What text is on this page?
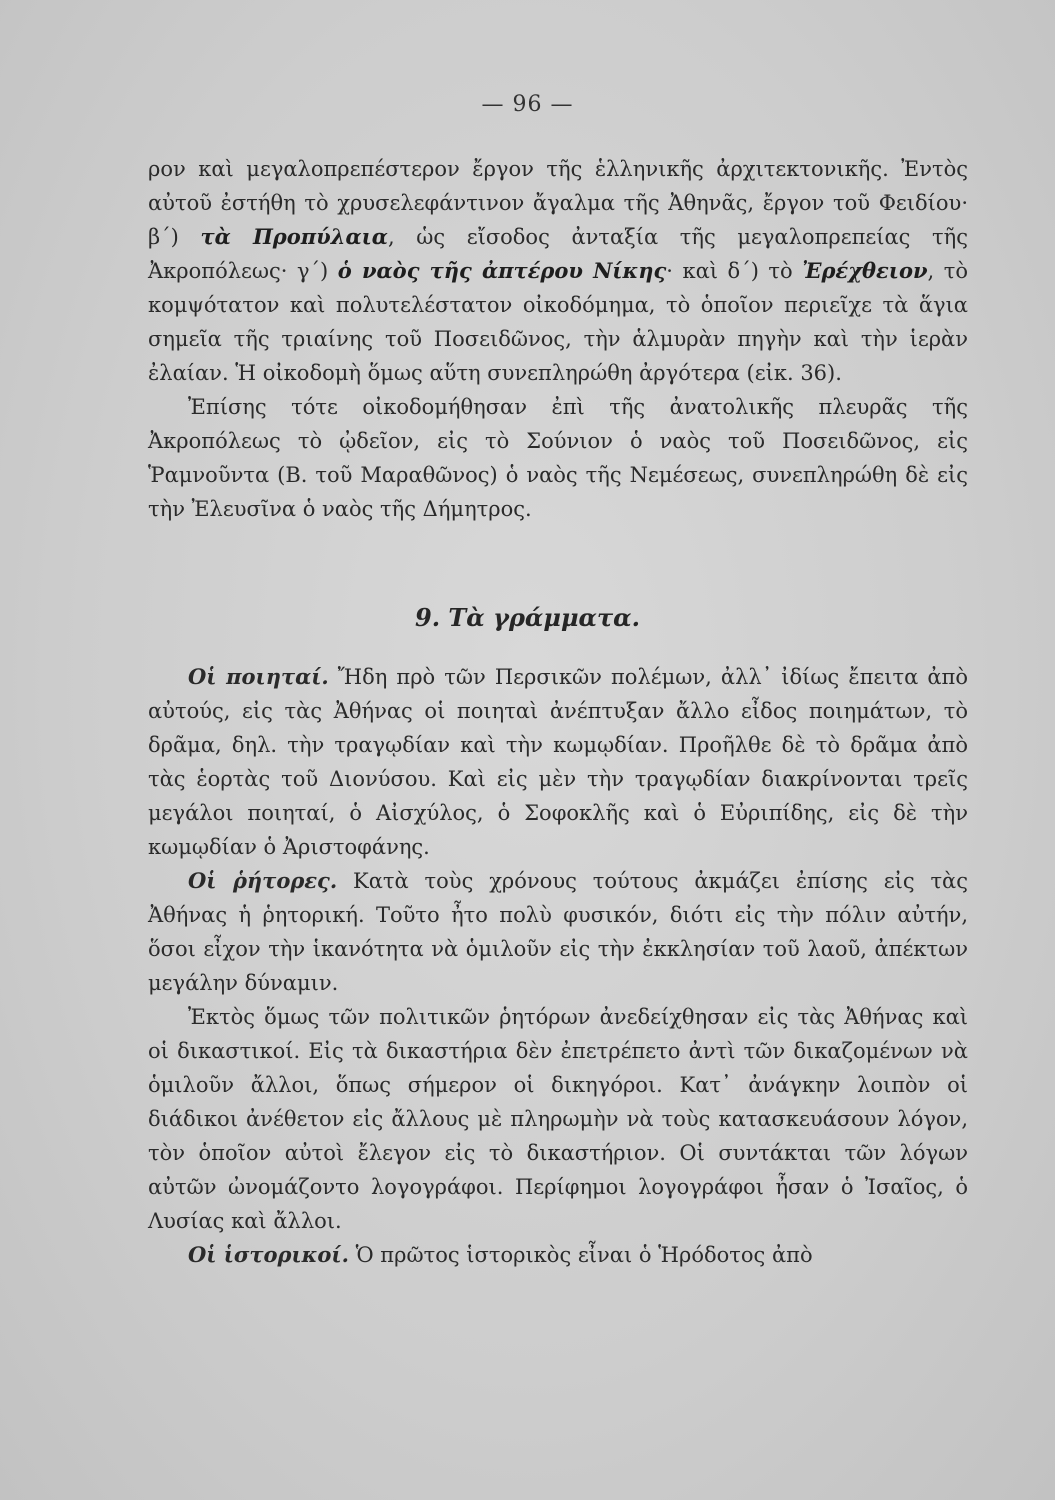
— 96 —

ρον καὶ μεγαλοπρεπέστερον ἔργον τῆς ἑλληνικῆς ἀρχιτεκτονικῆς. Ἐντὸς αὐτοῦ ἐστήθη τὸ χρυσελεφάντινον ἄγαλμα τῆς Ἀθηνᾶς, ἔργον τοῦ Φειδίου· β΄) τὰ Προπύλαια, ὡς εἴσοδος ἀνταξία τῆς μεγαλοπρεπείας τῆς Ἀκροπόλεως· γ΄) ὁ ναὸς τῆς ἀπτέρου Νίκης· καὶ δ΄) τὸ Ἐρέχθειον, τὸ κομψότατον καὶ πολυτελέστατον οἰκοδόμημα, τὸ ὁποῖον περιεῖχε τὰ ἅγια σημεῖα τῆς τριαίνης τοῦ Ποσειδῶνος, τὴν ἁλμυρὰν πηγὴν καὶ τὴν ἱερὰν ἐλαίαν. Ἡ οἰκοδομὴ ὅμως αὕτη συνεπληρώθη ἀργότερα (εἰκ. 36).

Ἐπίσης τότε οἰκοδομήθησαν ἐπὶ τῆς ἀνατολικῆς πλευρᾶς τῆς Ἀκροπόλεως τὸ ᾠδεῖον, εἰς τὸ Σούνιον ὁ ναὸς τοῦ Ποσειδῶνος, εἰς Ῥαμνοῦντα (Β. τοῦ Μαραθῶνος) ὁ ναὸς τῆς Νεμέσεως, συνεπληρώθη δὲ εἰς τὴν Ἐλευσῖνα ὁ ναὸς τῆς Δήμητρος.

9. Τὰ γράμματα.

Οἱ ποιηταί. Ἤδη πρὸ τῶν Περσικῶν πολέμων, ἀλλ᾽ ἰδίως ἔπειτα ἀπὸ αὐτούς, εἰς τὰς Ἀθήνας οἱ ποιηταὶ ἀνέπτυξαν ἄλλο εἶδος ποιημάτων, τὸ δρᾶμα, δηλ. τὴν τραγῳδίαν καὶ τὴν κωμῳδίαν. Προῆλθε δὲ τὸ δρᾶμα ἀπὸ τὰς ἑορτὰς τοῦ Διονύσου. Καὶ εἰς μὲν τὴν τραγῳδίαν διακρίνονται τρεῖς μεγάλοι ποιηταί, ὁ Αἰσχύλος, ὁ Σοφοκλῆς καὶ ὁ Εὐριπίδης, εἰς δὲ τὴν κωμῳδίαν ὁ Ἀριστοφάνης.

Οἱ ῥήτορες. Κατὰ τοὺς χρόνους τούτους ἀκμάζει ἐπίσης εἰς τὰς Ἀθήνας ἡ ῥητορική. Τοῦτο ἦτο πολὺ φυσικόν, διότι εἰς τὴν πόλιν αὐτήν, ὅσοι εἶχον τὴν ἱκανότητα νὰ ὁμιλοῦν εἰς τὴν ἐκκλησίαν τοῦ λαοῦ, ἀπέκτων μεγάλην δύναμιν.

Ἐκτὸς ὅμως τῶν πολιτικῶν ῥητόρων ἀνεδείχθησαν εἰς τὰς Ἀθήνας καὶ οἱ δικαστικοί. Εἰς τὰ δικαστήρια δὲν ἐπετρέπετο ἀντὶ τῶν δικαζομένων νὰ ὁμιλοῦν ἄλλοι, ὅπως σήμερον οἱ δικηγόροι. Κατ᾽ ἀνάγκην λοιπὸν οἱ διάδικοι ἀνέθετον εἰς ἄλλους μὲ πληρωμὴν νὰ τοὺς κατασκευάσουν λόγον, τὸν ὁποῖον αὐτοὶ ἔλεγον εἰς τὸ δικαστήριον. Οἱ συντάκται τῶν λόγων αὐτῶν ὠνομάζοντο λογογράφοι. Περίφημοι λογογράφοι ἦσαν ὁ Ἰσαῖος, ὁ Λυσίας καὶ ἄλλοι.

Οἱ ἱστορικοί. Ὁ πρῶτος ἱστορικὸς εἶναι ὁ Ἡρόδοτος ἀπὸ
